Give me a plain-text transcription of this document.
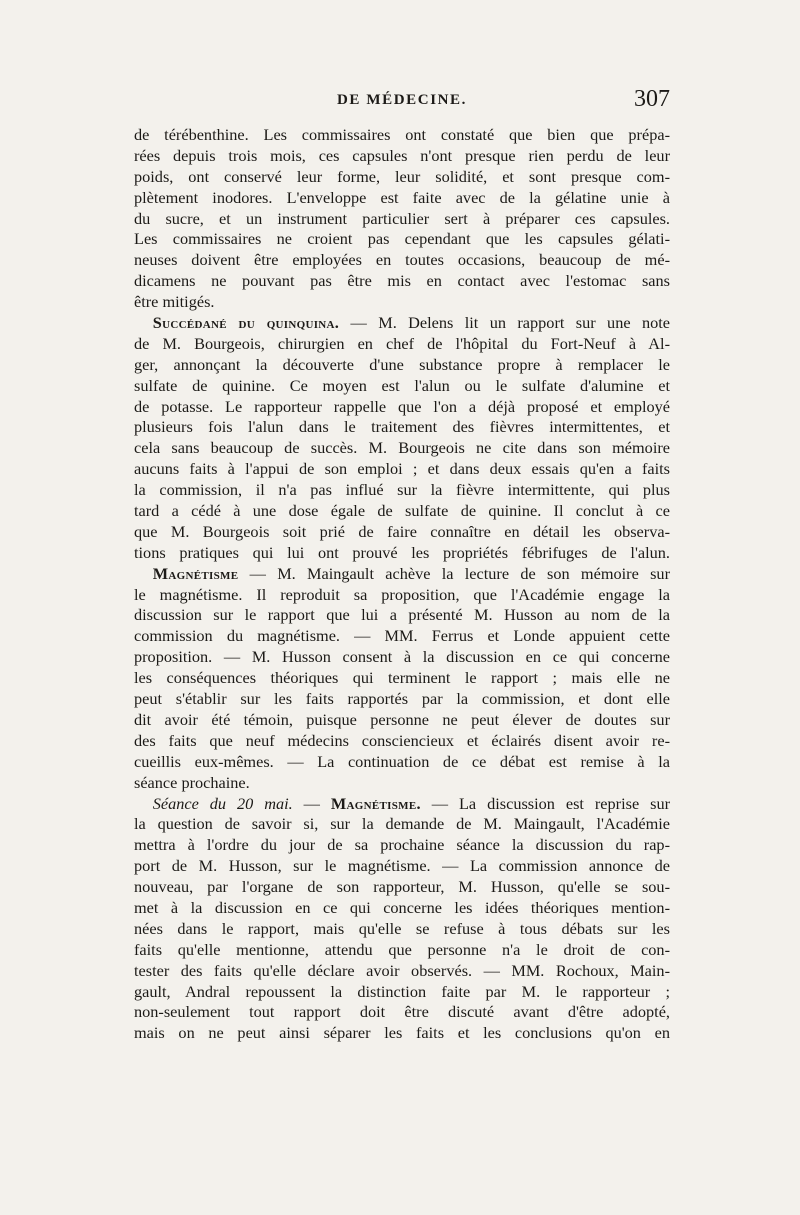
DE MÉDECINE.	307
de térébenthine. Les commissaires ont constaté que bien que prépa-
rées depuis trois mois, ces capsules n'ont presque rien perdu de leur
poids, ont conservé leur forme, leur solidité, et sont presque com-
plètement inodores. L'enveloppe est faite avec de la gélatine unie à
du sucre, et un instrument particulier sert à préparer ces capsules.
Les commissaires ne croient pas cependant que les capsules gélati-
neuses doivent être employées en toutes occasions, beaucoup de mé-
dicamens ne pouvant pas être mis en contact avec l'estomac sans
être mitigés.
Succédané du quinquina. — M. Delens lit un rapport sur une note
de M. Bourgeois, chirurgien en chef de l'hôpital du Fort-Neuf à Al-
ger, annonçant la découverte d'une substance propre à remplacer le
sulfate de quinine. Ce moyen est l'alun ou le sulfate d'alumine et
de potasse. Le rapporteur rappelle que l'on a déjà proposé et employé
plusieurs fois l'alun dans le traitement des fièvres intermittentes, et
cela sans beaucoup de succès. M. Bourgeois ne cite dans son mémoire
aucuns faits à l'appui de son emploi ; et dans deux essais qu'en a faits
la commission, il n'a pas influé sur la fièvre intermittente, qui plus
tard a cédé à une dose égale de sulfate de quinine. Il conclut à ce
que M. Bourgeois soit prié de faire connaître en détail les observa-
tions pratiques qui lui ont prouvé les propriétés fébrifuges de l'alun.
Magnétisme — M. Maingault achève la lecture de son mémoire sur
le magnétisme. Il reproduit sa proposition, que l'Académie engage la
discussion sur le rapport que lui a présenté M. Husson au nom de la
commission du magnétisme. — MM. Ferrus et Londe appuient cette
proposition. — M. Husson consent à la discussion en ce qui concerne
les conséquences théoriques qui terminent le rapport ; mais elle ne
peut s'établir sur les faits rapportés par la commission, et dont elle
dit avoir été témoin, puisque personne ne peut élever de doutes sur
des faits que neuf médecins consciencieux et éclairés disent avoir re-
cueillis eux-mêmes. — La continuation de ce débat est remise à la
séance prochaine.
Séance du 20 mai. — Magnétisme. — La discussion est reprise sur
la question de savoir si, sur la demande de M. Maingault, l'Académie
mettra à l'ordre du jour de sa prochaine séance la discussion du rap-
port de M. Husson, sur le magnétisme. — La commission annonce de
nouveau, par l'organe de son rapporteur, M. Husson, qu'elle se sou-
met à la discussion en ce qui concerne les idées théoriques mention-
nées dans le rapport, mais qu'elle se refuse à tous débats sur les
faits qu'elle mentionne, attendu que personne n'a le droit de con-
tester des faits qu'elle déclare avoir observés. — MM. Rochoux, Main-
gault, Andral repoussent la distinction faite par M. le rapporteur ;
non-seulement tout rapport doit être discuté avant d'être adopté,
mais on ne peut ainsi séparer les faits et les conclusions qu'on en
